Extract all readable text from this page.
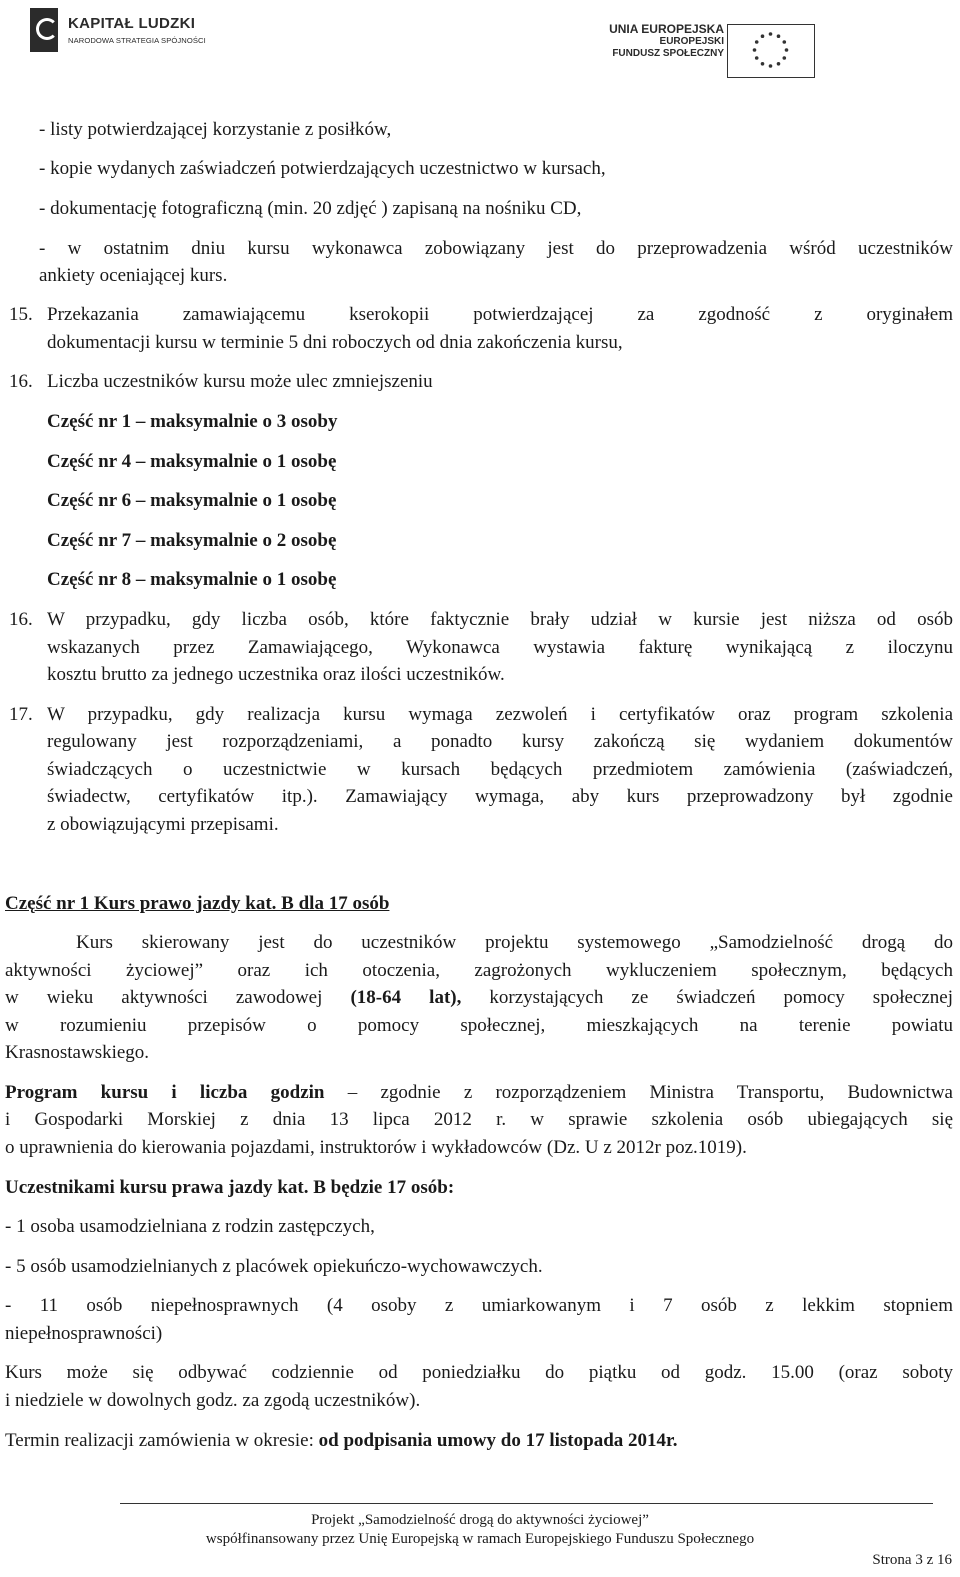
KAPITAŁ LUDZKI
NARODOWA STRATEGIA SPÓJNOŚCI
UNIA EUROPEJSKA
EUROPEJSKI
FUNDUSZ SPOŁECZNY
- listy potwierdzającej korzystanie z posiłków,
- kopie wydanych zaświadczeń potwierdzających uczestnictwo w kursach,
- dokumentację fotograficzną (min. 20 zdjęć ) zapisaną na nośniku CD,
- w ostatnim dniu kursu wykonawca zobowiązany jest do przeprowadzenia wśród uczestników
ankiety oceniającej kurs.
15. Przekazania zamawiającemu kserokopii potwierdzającej za zgodność z oryginałem
dokumentacji kursu w terminie 5 dni roboczych od dnia zakończenia kursu,
16. Liczba uczestników kursu może ulec zmniejszeniu
Część nr 1 – maksymalnie o 3 osoby
Część nr 4 – maksymalnie o 1 osobę
Część nr 6 – maksymalnie o 1 osobę
Część nr 7 – maksymalnie o 2 osobę
Część nr 8 – maksymalnie o 1 osobę
16. W przypadku, gdy liczba osób, które faktycznie brały udział w kursie jest niższa od osób
wskazanych przez Zamawiającego, Wykonawca wystawia fakturę wynikającą z iloczynu
kosztu brutto za jednego uczestnika oraz ilości uczestników.
17. W przypadku, gdy realizacja kursu wymaga zezwoleń i certyfikatów oraz program szkolenia
regulowany jest rozporządzeniami, a ponadto kursy zakończą się wydaniem dokumentów
świadczących o uczestnictwie w kursach będących przedmiotem zamówienia (zaświadczeń,
świadectw, certyfikatów itp.). Zamawiający wymaga, aby kurs przeprowadzony był zgodnie
z obowiązującymi przepisami.
Część nr 1 Kurs prawo jazdy kat. B dla 17 osób
Kurs skierowany jest do uczestników projektu systemowego „Samodzielność drogą do
aktywności życiowej” oraz ich otoczenia, zagrożonych wykluczeniem społecznym, będących
w wieku aktywności zawodowej (18-64 lat), korzystających ze świadczeń pomocy społecznej
w rozumieniu przepisów o pomocy społecznej, mieszkających na terenie powiatu
Krasnostawskiego.
Program kursu i liczba godzin – zgodnie z rozporządzeniem Ministra Transportu, Budownictwa
i Gospodarki Morskiej z dnia 13 lipca 2012 r. w sprawie szkolenia osób ubiegających się
o uprawnienia do kierowania pojazdami, instruktorów i wykładowców (Dz. U z 2012r poz.1019).
Uczestnikami kursu prawa jazdy kat. B będzie 17 osób:
- 1 osoba usamodzielniana z rodzin zastępczych,
- 5 osób usamodzielnianych z placówek opiekuńczo-wychowawczych.
- 11 osób niepełnosprawnych (4 osoby z umiarkowanym i 7 osób z lekkim stopniem
niepełnosprawności)
Kurs może się odbywać codziennie od poniedziałku do piątku od godz. 15.00 (oraz soboty
i niedziele w dowolnych godz. za zgodą uczestników).
Termin realizacji zamówienia w okresie: od podpisania umowy do 17 listopada 2014r.
Projekt „Samodzielność drogą do aktywności życiowej”
współfinansowany przez Unię Europejską w ramach Europejskiego Funduszu Społecznego
Strona 3 z 16
